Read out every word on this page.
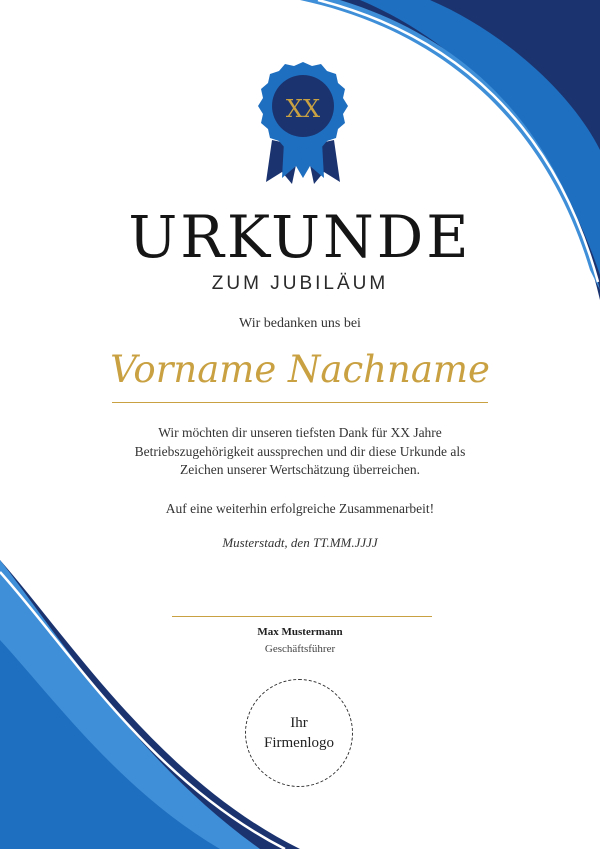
XX
URKUNDE
ZUM JUBILÄUM
Wir bedanken uns bei
Vorname Nachname
Wir möchten dir unseren tiefsten Dank für XX Jahre
Betriebszugehörigkeit aussprechen und dir diese Urkunde als
Zeichen unserer Wertschätzung überreichen.
Auf eine weiterhin erfolgreiche Zusammenarbeit!
Musterstadt, den TT.MM.JJJJ
Max Mustermann
Geschäftsführer
Ihr
Firmenlogo
